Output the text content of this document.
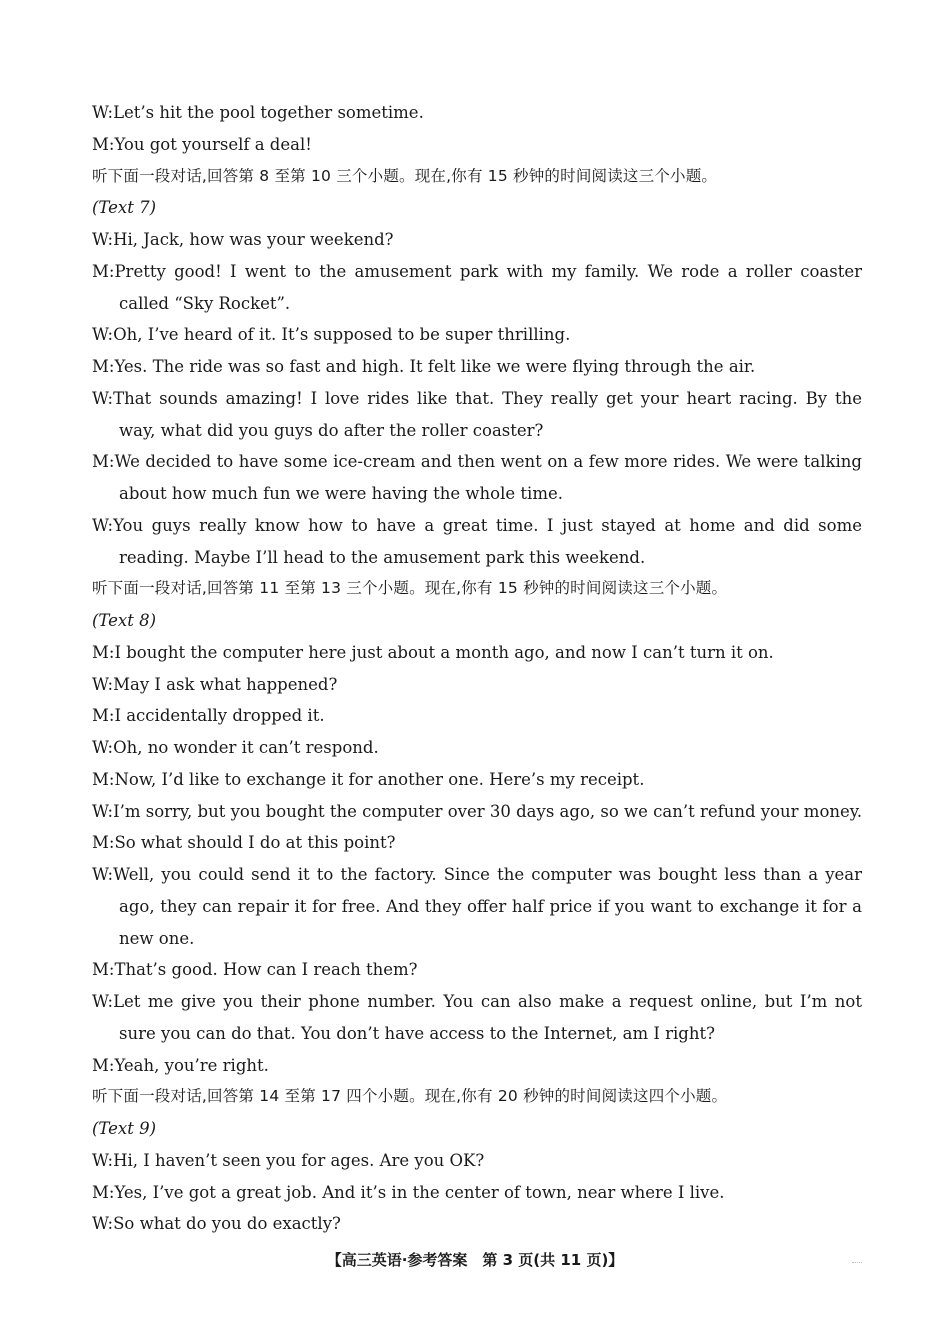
W:Let’s hit the pool together sometime.
M:You got yourself a deal!
听下面一段对话,回答第 8 至第 10 三个小题。现在,你有 15 秒钟的时间阅读这三个小题。
(Text 7)
W:Hi, Jack, how was your weekend?
M:Pretty good! I went to the amusement park with my family. We rode a roller coaster called “Sky Rocket”.
W:Oh, I’ve heard of it. It’s supposed to be super thrilling.
M:Yes. The ride was so fast and high. It felt like we were flying through the air.
W:That sounds amazing! I love rides like that. They really get your heart racing. By the way, what did you guys do after the roller coaster?
M:We decided to have some ice-cream and then went on a few more rides. We were talking about how much fun we were having the whole time.
W:You guys really know how to have a great time. I just stayed at home and did some reading. Maybe I’ll head to the amusement park this weekend.
听下面一段对话,回答第 11 至第 13 三个小题。现在,你有 15 秒钟的时间阅读这三个小题。
(Text 8)
M:I bought the computer here just about a month ago, and now I can’t turn it on.
W:May I ask what happened?
M:I accidentally dropped it.
W:Oh, no wonder it can’t respond.
M:Now, I’d like to exchange it for another one. Here’s my receipt.
W:I’m sorry, but you bought the computer over 30 days ago, so we can’t refund your money.
M:So what should I do at this point?
W:Well, you could send it to the factory. Since the computer was bought less than a year ago, they can repair it for free. And they offer half price if you want to exchange it for a new one.
M:That’s good. How can I reach them?
W:Let me give you their phone number. You can also make a request online, but I’m not sure you can do that. You don’t have access to the Internet, am I right?
M:Yeah, you’re right.
听下面一段对话,回答第 14 至第 17 四个小题。现在,你有 20 秒钟的时间阅读这四个小题。
(Text 9)
W:Hi, I haven’t seen you for ages. Are you OK?
M:Yes, I’ve got a great job. And it’s in the center of town, near where I live.
W:So what do you do exactly?
【高三英语·参考答案　第 3 页(共 11 页)】
